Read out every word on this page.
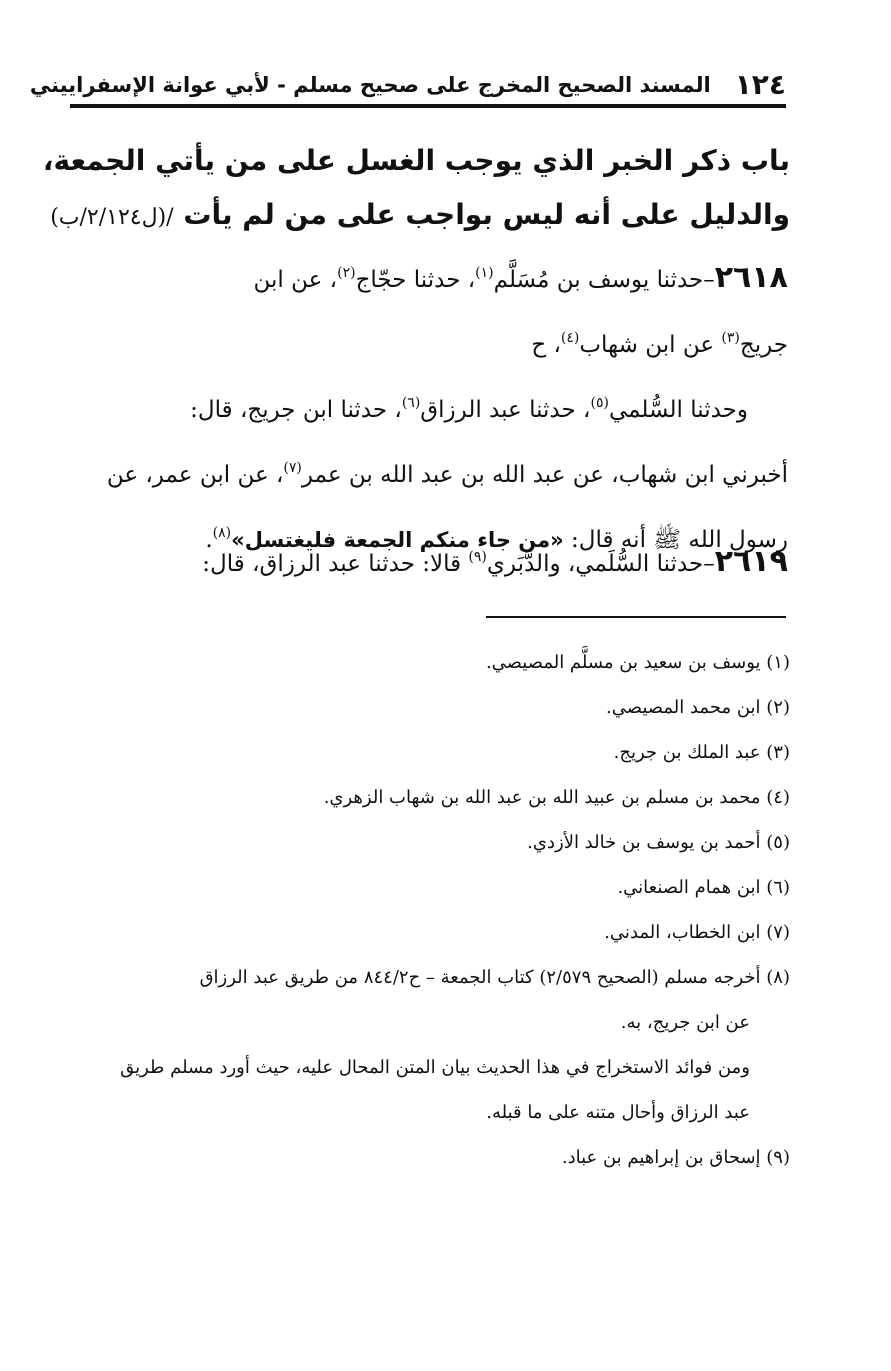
١٢٤
المسند الصحيح المخرج على صحيح مسلم - لأبي عوانة الإسفراييني
باب ذكر الخبر الذي يوجب الغسل على من يأتي الجمعة،
والدليل على أنه ليس بواجب على من لم يأت /(ل٢/١٢٤/ب)
٢٦١٨–حدثنا يوسف بن مُسَلَّم$^{(١)}$، حدثنا حجّاج$^{(٢)}$، عن ابن
جريج$^{(٣)}$ عن ابن شهاب$^{(٤)}$، ح
وحدثنا السُّلمي$^{(٥)}$، حدثنا عبد الرزاق$^{(٦)}$، حدثنا ابن جريج، قال:
أخبرني ابن شهاب، عن عبد الله بن عبد الله بن عمر$^{(٧)}$، عن ابن عمر، عن
رسول الله ﷺ أنه قال: «من جاء منكم الجمعة فليغتسل»$^{(٨)}$.
٢٦١٩–حدثنا السُّلَمي، والدَّبَري$^{(٩)}$ قالا: حدثنا عبد الرزاق، قال:
(١) يوسف بن سعيد بن مسلَّم المصيصي.
(٢) ابن محمد المصيصي.
(٣) عبد الملك بن جريج.
(٤) محمد بن مسلم بن عبيد الله بن عبد الله بن شهاب الزهري.
(٥) أحمد بن يوسف بن خالد الأزدي.
(٦) ابن همام الصنعاني.
(٧) ابن الخطاب، المدني.
(٨) أخرجه مسلم (الصحيح ٢/٥٧٩) كتاب الجمعة – ح٨٤٤/٢ من طريق عبد الرزاق
عن ابن جريج، به.
ومن فوائد الاستخراج في هذا الحديث بيان المتن المحال عليه، حيث أورد مسلم طريق
عبد الرزاق وأحال متنه على ما قبله.
(٩) إسحاق بن إبراهيم بن عباد.
